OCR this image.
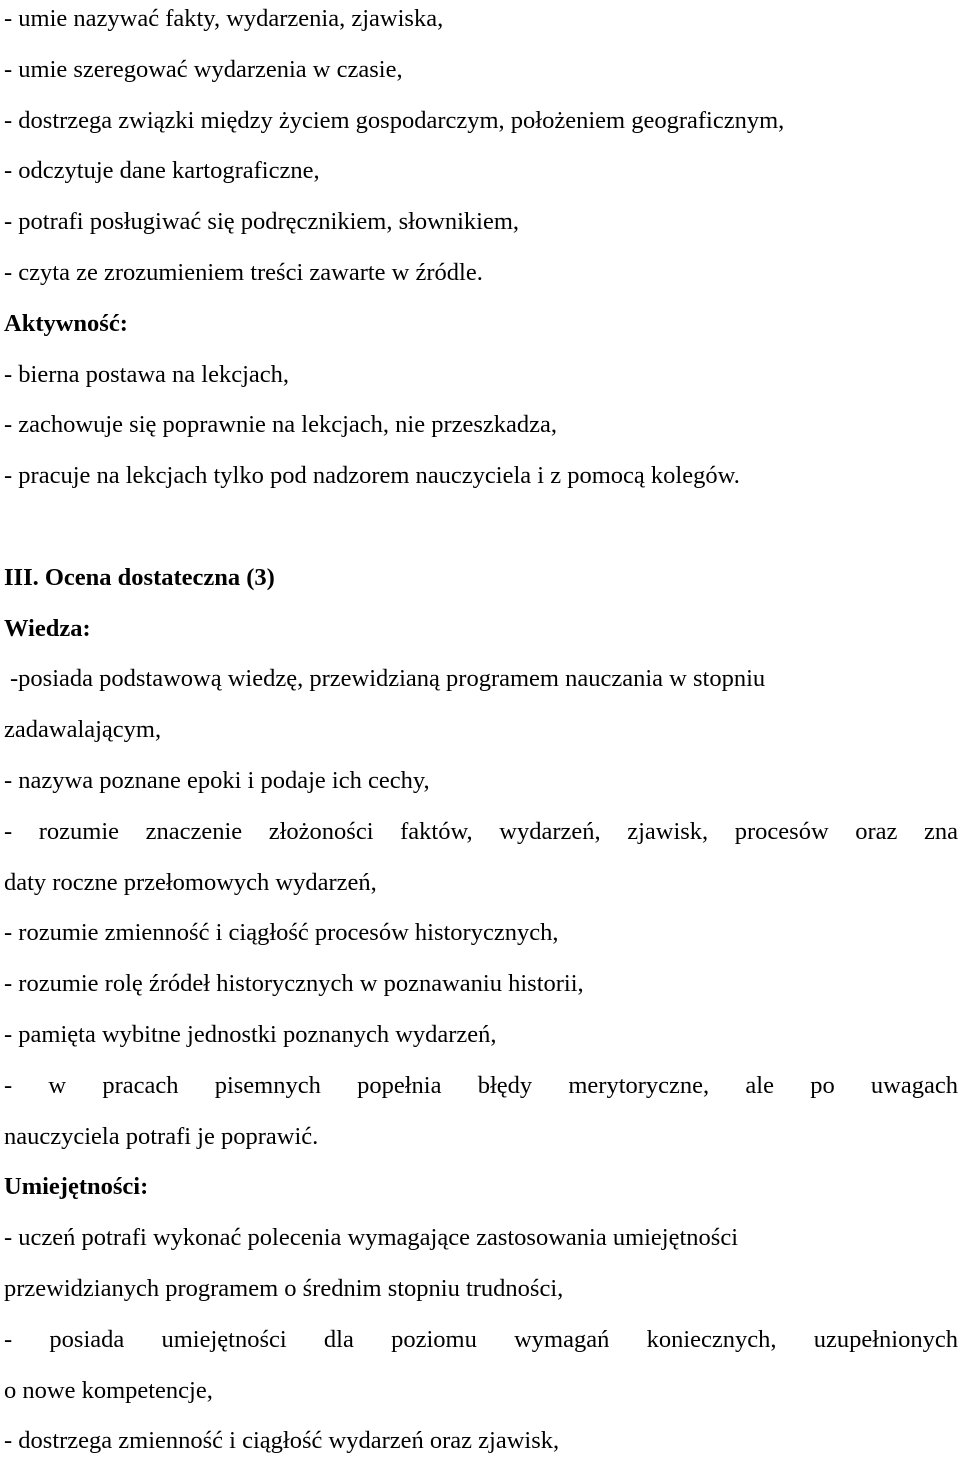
- umie nazywać fakty, wydarzenia, zjawiska,
- umie szeregować wydarzenia w czasie,
- dostrzega związki między życiem gospodarczym, położeniem geograficznym,
- odczytuje dane kartograficzne,
- potrafi posługiwać się podręcznikiem, słownikiem,
- czyta ze zrozumieniem treści zawarte w źródle.
Aktywność:
- bierna postawa na lekcjach,
- zachowuje się poprawnie na lekcjach, nie przeszkadza,
- pracuje na lekcjach tylko pod nadzorem nauczyciela i z pomocą kolegów.
III. Ocena dostateczna (3)
Wiedza:
-posiada podstawową wiedzę, przewidzianą programem nauczania w stopniu
zadawalającym,
- nazywa poznane epoki i podaje ich cechy,
- rozumie znaczenie złożoności faktów, wydarzeń, zjawisk, procesów oraz zna
daty roczne przełomowych wydarzeń,
- rozumie zmienność i ciągłość procesów historycznych,
- rozumie rolę źródeł historycznych w poznawaniu historii,
- pamięta wybitne jednostki poznanych wydarzeń,
- w pracach pisemnych popełnia błędy merytoryczne, ale po uwagach
nauczyciela potrafi je poprawić.
Umiejętności:
- uczeń potrafi wykonać polecenia wymagające zastosowania umiejętności
przewidzianych programem o średnim stopniu trudności,
- posiada umiejętności dla poziomu wymagań koniecznych, uzupełnionych
o nowe kompetencje,
- dostrzega zmienność i ciągłość wydarzeń oraz zjawisk,
